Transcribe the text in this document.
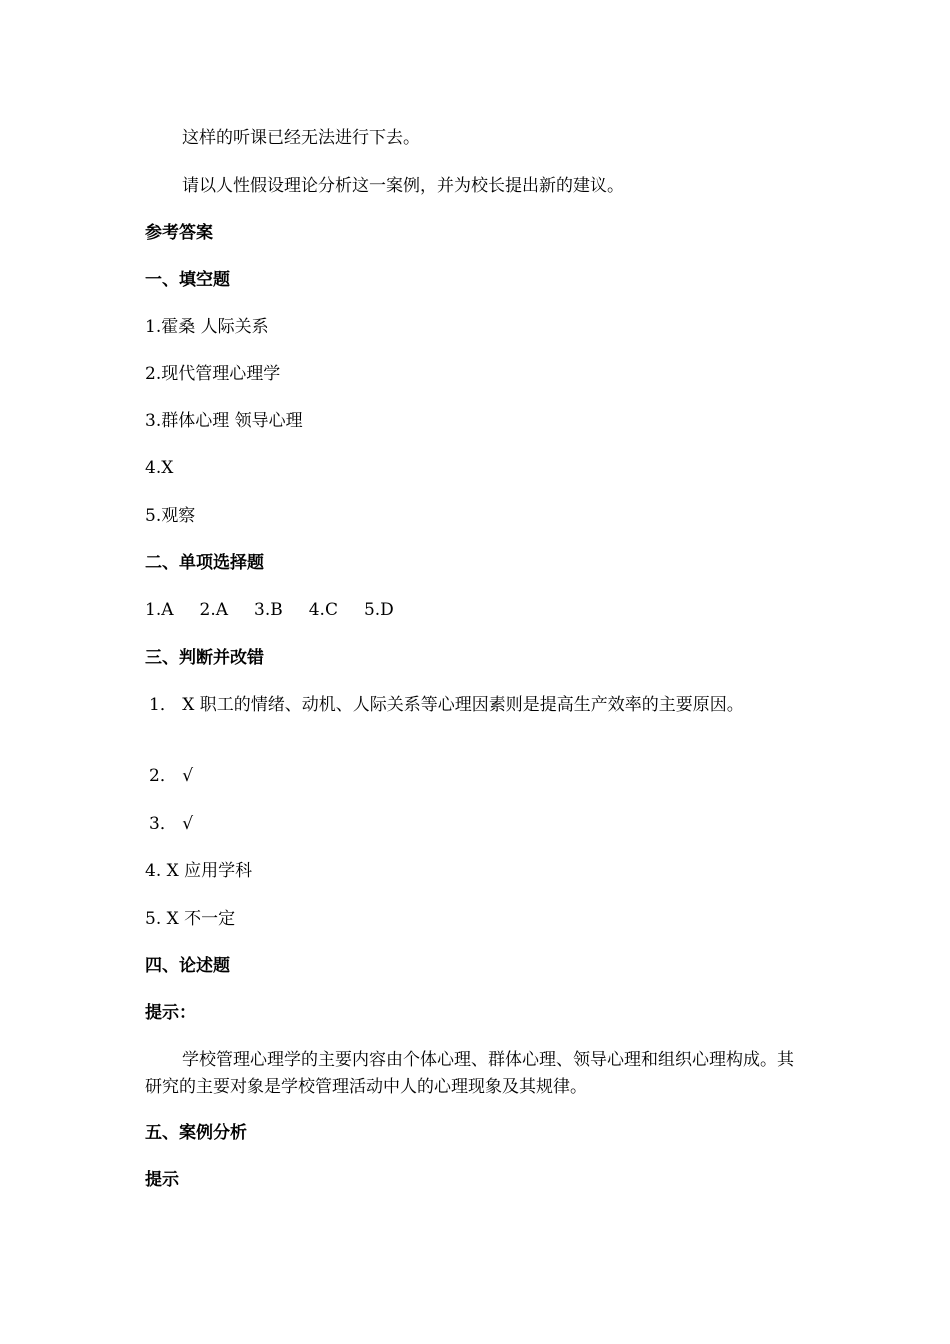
这样的听课已经无法进行下去。
请以人性假设理论分析这一案例，并为校长提出新的建议。
参考答案
一、填空题
1.霍桑 人际关系
2.现代管理心理学
3.群体心理 领导心理
4.X
5.观察
二、单项选择题
1.A 2.A 3.B 4.C 5.D
三、判断并改错
1． X 职工的情绪、动机、人际关系等心理因素则是提高生产效率的主要原因。
2． √
3． √
4. X 应用学科
5. X 不一定
四、论述题
提示：
学校管理心理学的主要内容由个体心理、群体心理、领导心理和组织心理构成。其研究的主要对象是学校管理活动中人的心理现象及其规律。
五、案例分析
提示
